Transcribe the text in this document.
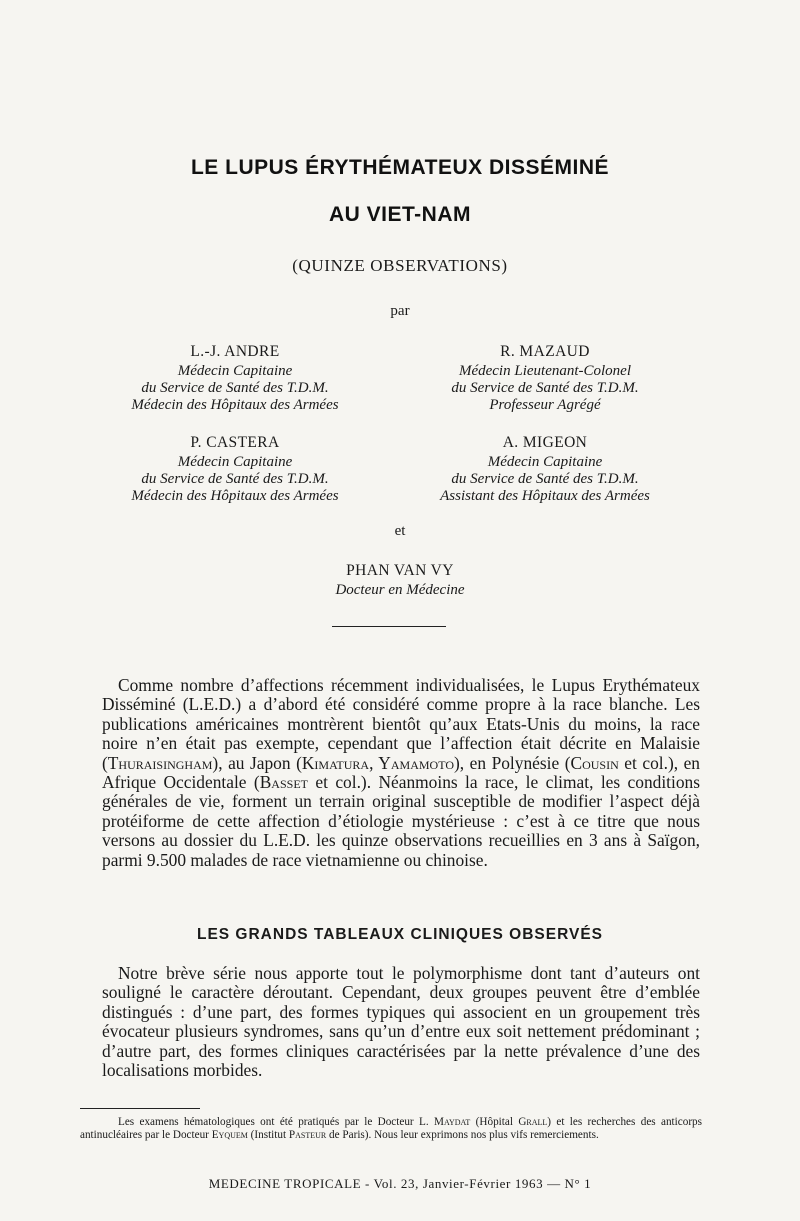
LE LUPUS ÉRYTHÉMATEUX DISSÉMINÉ
AU VIET-NAM
(QUINZE OBSERVATIONS)
par
L.-J. ANDRE
Médecin Capitaine
du Service de Santé des T.D.M.
Médecin des Hôpitaux des Armées
R. MAZAUD
Médecin Lieutenant-Colonel
du Service de Santé des T.D.M.
Professeur Agrégé
P. CASTERA
Médecin Capitaine
du Service de Santé des T.D.M.
Médecin des Hôpitaux des Armées
A. MIGEON
Médecin Capitaine
du Service de Santé des T.D.M.
Assistant des Hôpitaux des Armées
et
PHAN VAN VY
Docteur en Médecine

Comme nombre d’affections récemment individualisées, le Lupus Erythémateux Disséminé (L.E.D.) a d’abord été considéré comme propre à la race blanche. Les publications américaines montrèrent bientôt qu’aux Etats-Unis du moins, la race noire n’en était pas exempte, cependant que l’affection était décrite en Malaisie (Thuraisingham), au Japon (Kimatura, Yamamoto), en Polynésie (Cousin et col.), en Afrique Occidentale (Basset et col.). Néanmoins la race, le climat, les conditions générales de vie, forment un terrain original susceptible de modifier l’aspect déjà protéiforme de cette affection d’étiologie mystérieuse : c’est à ce titre que nous versons au dossier du L.E.D. les quinze observations recueillies en 3 ans à Saïgon, parmi 9.500 malades de race vietnamienne ou chinoise.

LES GRANDS TABLEAUX CLINIQUES OBSERVÉS

Notre brève série nous apporte tout le polymorphisme dont tant d’auteurs ont souligné le caractère déroutant. Cependant, deux groupes peuvent être d’emblée distingués : d’une part, des formes typiques qui associent en un groupement très évocateur plusieurs syndromes, sans qu’un d’entre eux soit nettement prédominant ; d’autre part, des formes cliniques caractérisées par la nette prévalence d’une des localisations morbides.

Les examens hématologiques ont été pratiqués par le Docteur L. Maydat (Hôpital Grall) et les recherches des anticorps antinucléaires par le Docteur Eyquem (Institut Pasteur de Paris). Nous leur exprimons nos plus vifs remerciements.

MEDECINE TROPICALE - Vol. 23, Janvier-Février 1963 — N° 1
